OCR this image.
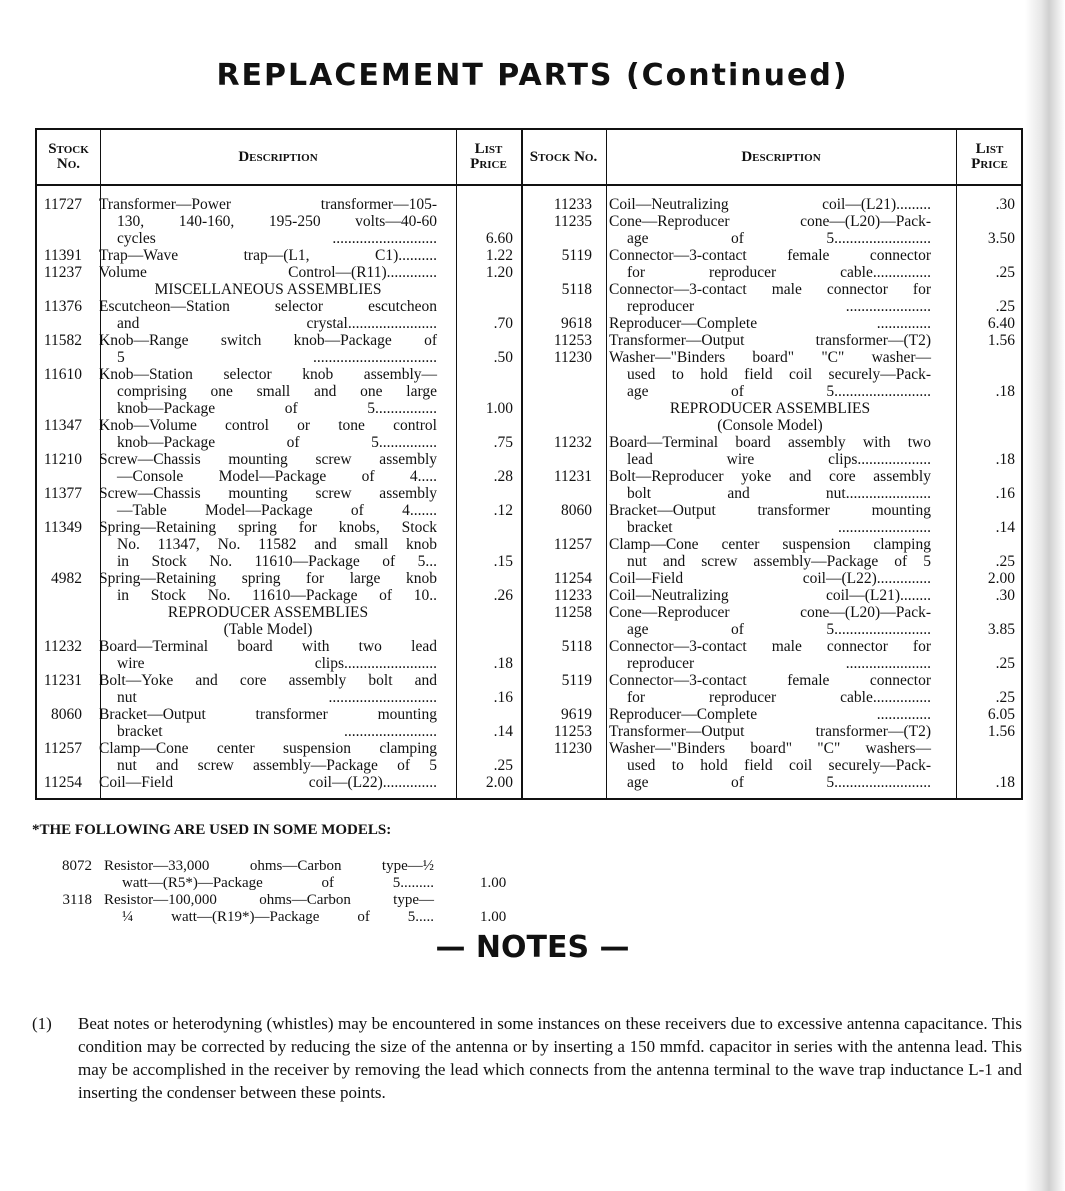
REPLACEMENT PARTS (Continued)
Stock No.	Description	List Price	Stock No.	Description	List Price
11727 Transformer—Power transformer—105-
130, 140-160, 195-250 volts—40-60
cycles ...........................	6.60
11391 Trap—Wave trap—(L1, C1)..........	1.22
11237 Volume Control—(R11).............	1.20
MISCELLANEOUS ASSEMBLIES
11376 Escutcheon—Station selector escutcheon
and crystal.......................	.70
11582 Knob—Range switch knob—Package of
5 ................................	.50
11610 Knob—Station selector knob assembly—
comprising one small and one large
knob—Package of 5................	1.00
11347 Knob—Volume control or tone control
knob—Package of 5...............	.75
11210 Screw—Chassis mounting screw assembly
—Console Model—Package of 4.....	.28
11377 Screw—Chassis mounting screw assembly
—Table Model—Package of 4.......	.12
11349 Spring—Retaining spring for knobs, Stock
No. 11347, No. 11582 and small knob
in Stock No. 11610—Package of 5...	.15
4982 Spring—Retaining spring for large knob
in Stock No. 11610—Package of 10..	.26
REPRODUCER ASSEMBLIES
(Table Model)
11232 Board—Terminal board with two lead
wire clips........................	.18
11231 Bolt—Yoke and core assembly bolt and
nut ............................	.16
8060 Bracket—Output transformer mounting
bracket ........................	.14
11257 Clamp—Cone center suspension clamping
nut and screw assembly—Package of 5	.25
11254 Coil—Field coil—(L22)..............	2.00
11233 Coil—Neutralizing coil—(L21).........	.30
11235 Cone—Reproducer cone—(L20)—Pack-
age of 5.........................	3.50
5119 Connector—3-contact female connector
for reproducer cable...............	.25
5118 Connector—3-contact male connector for
reproducer ......................	.25
9618 Reproducer—Complete ..............	6.40
11253 Transformer—Output transformer—(T2)	1.56
11230 Washer—"Binders board" "C" washer—
used to hold field coil securely—Pack-
age of 5.........................	.18
REPRODUCER ASSEMBLIES
(Console Model)
11232 Board—Terminal board assembly with two
lead wire clips...................	.18
11231 Bolt—Reproducer yoke and core assembly
bolt and nut......................	.16
8060 Bracket—Output transformer mounting
bracket ........................	.14
11257 Clamp—Cone center suspension clamping
nut and screw assembly—Package of 5	.25
11254 Coil—Field coil—(L22)..............	2.00
11233 Coil—Neutralizing coil—(L21)........	.30
11258 Cone—Reproducer cone—(L20)—Pack-
age of 5.........................	3.85
5118 Connector—3-contact male connector for
reproducer ......................	.25
5119 Connector—3-contact female connector
for reproducer cable...............	.25
9619 Reproducer—Complete ..............	6.05
11253 Transformer—Output transformer—(T2)	1.56
11230 Washer—"Binders board" "C" washers—
used to hold field coil securely—Pack-
age of 5.........................	.18
*THE FOLLOWING ARE USED IN SOME MODELS:
8072 Resistor—33,000 ohms—Carbon type—½
watt—(R5*)—Package of 5.........	1.00
3118 Resistor—100,000 ohms—Carbon type—
¼ watt—(R19*)—Package of 5.....	1.00
— NOTES —
(1) Beat notes or heterodyning (whistles) may be encountered in some instances on these receivers due to excessive antenna capacitance. This condition may be corrected by reducing the size of the antenna or by inserting a 150 mmfd. capacitor in series with the antenna lead. This may be accomplished in the receiver by removing the lead which connects from the antenna terminal to the wave trap inductance L-1 and inserting the condenser between these points.
